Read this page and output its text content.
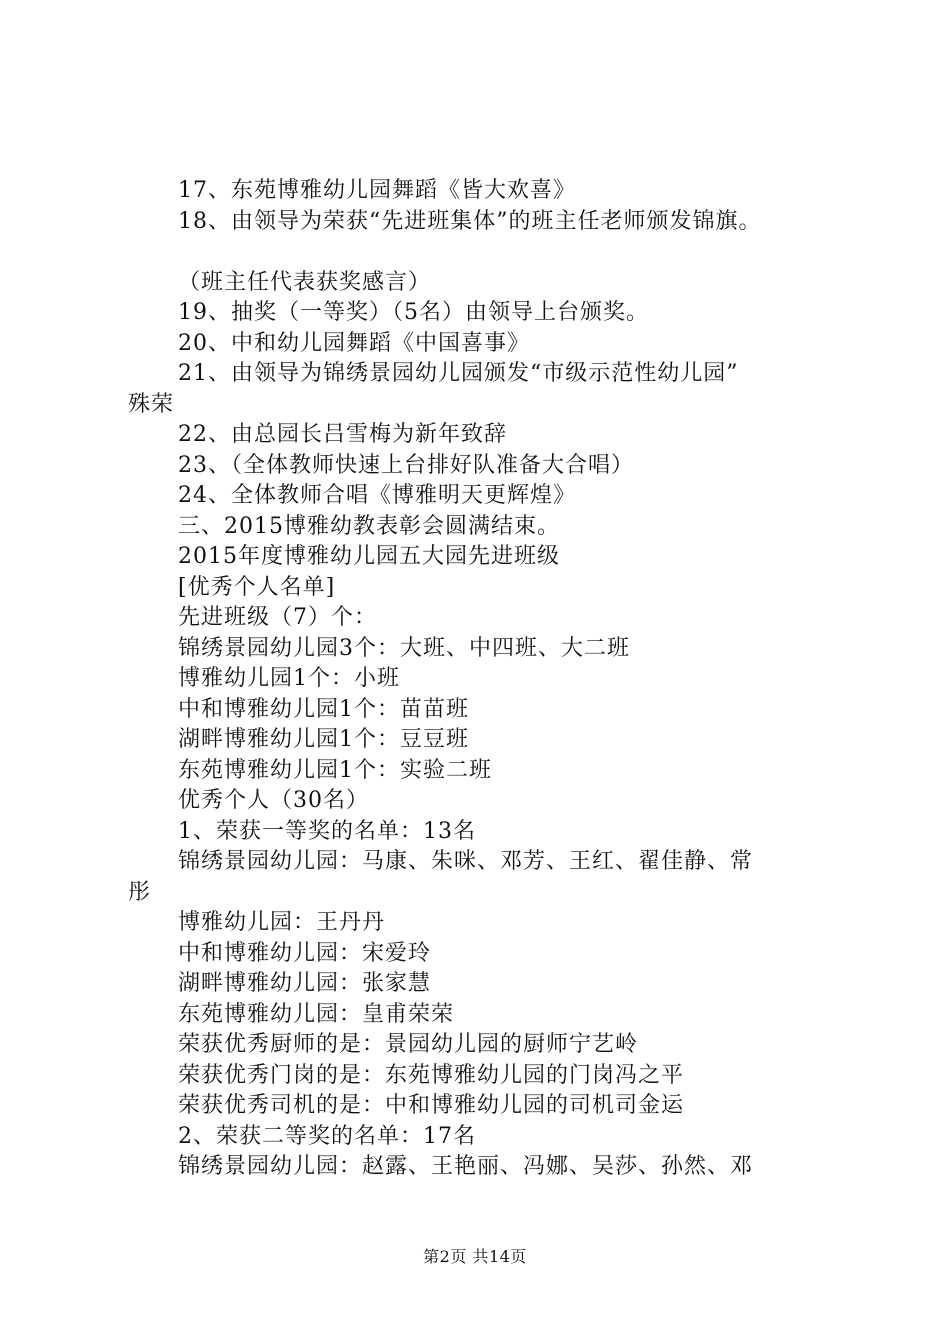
17、东苑博雅幼儿园舞蹈《皆大欢喜》
18、由领导为荣获“先进班集体”的班主任老师颁发锦旗。
（班主任代表获奖感言）
19、抽奖（一等奖）（5名）由领导上台颁奖。
20、中和幼儿园舞蹈《中国喜事》
21、由领导为锦绣景园幼儿园颁发“市级示范性幼儿园”
殊荣
22、由总园长吕雪梅为新年致辞
23、（全体教师快速上台排好队准备大合唱）
24、全体教师合唱《博雅明天更辉煌》
三、2015博雅幼教表彰会圆满结束。
2015年度博雅幼儿园五大园先进班级
[优秀个人名单]
先进班级（7）个：
锦绣景园幼儿园3个：大班、中四班、大二班
博雅幼儿园1个：小班
中和博雅幼儿园1个：苗苗班
湖畔博雅幼儿园1个：豆豆班
东苑博雅幼儿园1个：实验二班
优秀个人（30名）
1、荣获一等奖的名单：13名
锦绣景园幼儿园：马康、朱咪、邓芳、王红、翟佳静、常
彤
博雅幼儿园：王丹丹
中和博雅幼儿园：宋爱玲
湖畔博雅幼儿园：张家慧
东苑博雅幼儿园：皇甫荣荣
荣获优秀厨师的是：景园幼儿园的厨师宁艺岭
荣获优秀门岗的是：东苑博雅幼儿园的门岗冯之平
荣获优秀司机的是：中和博雅幼儿园的司机司金运
2、荣获二等奖的名单：17名
锦绣景园幼儿园：赵露、王艳丽、冯娜、吴莎、孙然、邓
第2页 共14页
